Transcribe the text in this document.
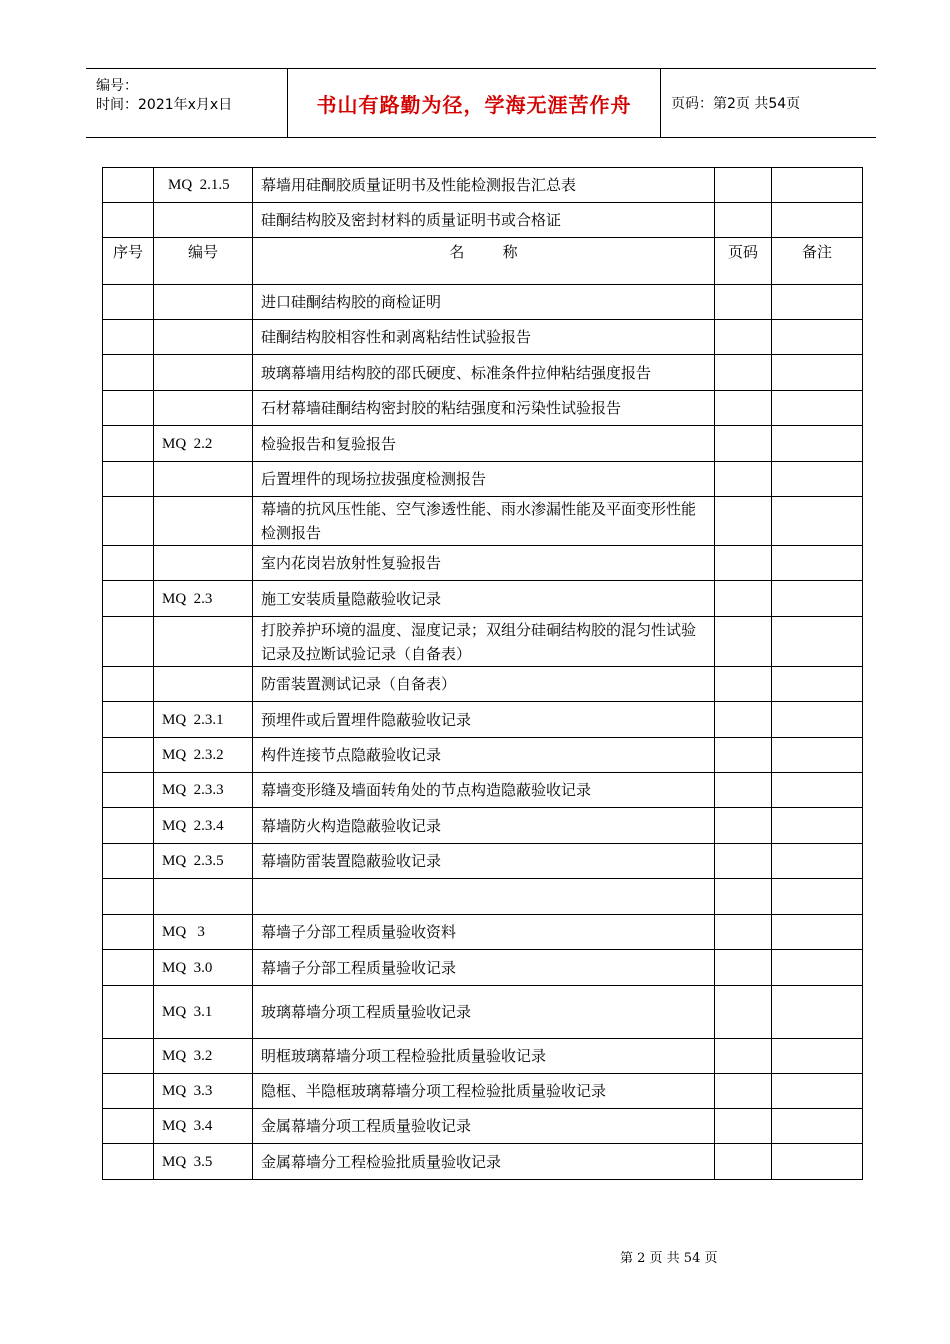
编号：
时间：2021年x月x日	书山有路勤为径，学海无涯苦作舟	页码：第2页 共54页
	MQ  2.1.5	幕墙用硅酮胶质量证明书及性能检测报告汇总表		
		硅酮结构胶及密封材料的质量证明书或合格证		
序号	编号	名        称	页码	备注
		进口硅酮结构胶的商检证明		
		硅酮结构胶相容性和剥离粘结性试验报告		
		玻璃幕墙用结构胶的邵氏硬度、标准条件拉伸粘结强度报告		
		石材幕墙硅酮结构密封胶的粘结强度和污染性试验报告		
	MQ  2.2	检验报告和复验报告		
		后置埋件的现场拉拔强度检测报告		
		幕墙的抗风压性能、空气渗透性能、雨水渗漏性能及平面变形性能检测报告		
		室内花岗岩放射性复验报告		
	MQ  2.3	施工安装质量隐蔽验收记录		
		打胶养护环境的温度、湿度记录；双组分硅硐结构胶的混匀性试验记录及拉断试验记录（自备表）		
		防雷装置测试记录（自备表）		
	MQ  2.3.1	预埋件或后置埋件隐蔽验收记录		
	MQ  2.3.2	构件连接节点隐蔽验收记录		
	MQ  2.3.3	幕墙变形缝及墙面转角处的节点构造隐蔽验收记录		
	MQ  2.3.4	幕墙防火构造隐蔽验收记录		
	MQ  2.3.5	幕墙防雷装置隐蔽验收记录		

	MQ   3	幕墙子分部工程质量验收资料		
	MQ  3.0	幕墙子分部工程质量验收记录		
	MQ  3.1	玻璃幕墙分项工程质量验收记录		
	MQ  3.2	明框玻璃幕墙分项工程检验批质量验收记录		
	MQ  3.3	隐框、半隐框玻璃幕墙分项工程检验批质量验收记录		
	MQ  3.4	金属幕墙分项工程质量验收记录		
	MQ  3.5	金属幕墙分工程检验批质量验收记录		
第 2 页 共 54 页
